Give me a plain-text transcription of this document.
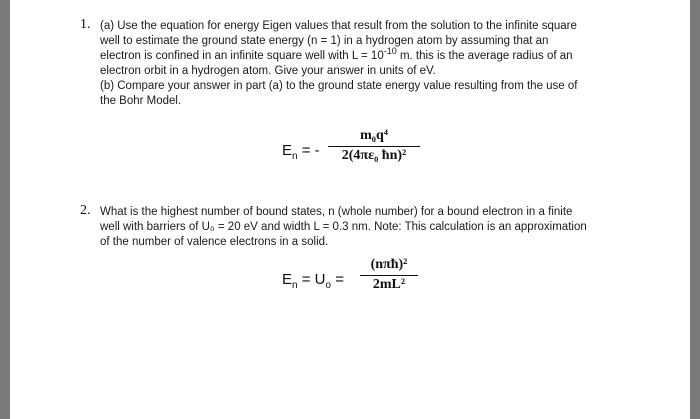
1. (a) Use the equation for energy Eigen values that result from the solution to the infinite square
well to estimate the ground state energy (n = 1) in a hydrogen atom by assuming that an
electron is confined in an infinite square well with $L = 10^{-10}$ m. this is the average radius of an
electron orbit in a hydrogen atom. Give your answer in units of eV.
(b) Compare your answer in part (a) to the ground state energy value resulting from the use of
the Bohr Model.
$E_n$ = -
m₀q⁴
2(4πε₀ ħn)²
2. What is the highest number of bound states, n (whole number) for a bound electron in a finite
well with barriers of U₀ = 20 eV and width L = 0.3 nm. Note: This calculation is an approximation
of the number of valence electrons in a solid.
$E_n = U_o$ =
(nπħ)²
2mL²
